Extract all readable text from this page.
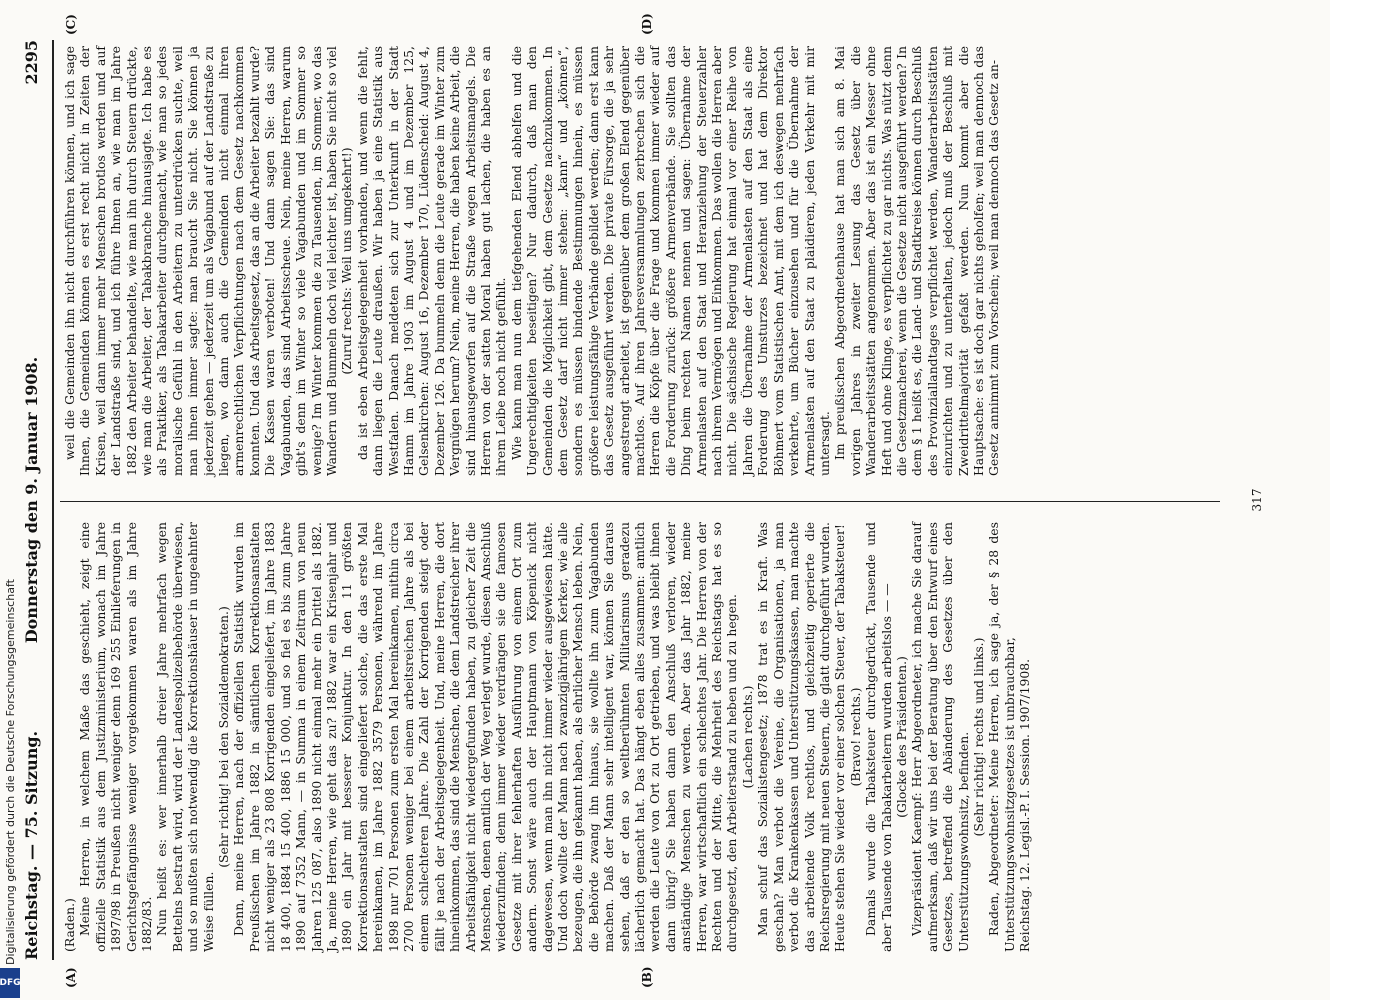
Reichstag. — 75. Sitzung.
Donnerstag den 9. Januar 1908.
2295
(A)	(B)
(C)	(D)

(Raden.) Meine Herren, in welchem Maße das geschieht, zeigt eine offizielle Statistik aus dem Justizministerium, wonach im Jahre 1897/98 in Preußen nicht weniger denn 169 255 Einlieferungen in Gerichtsgefängnisse weniger vorgekommen waren als im Jahre 1882/83. Nun heißt es: wer innerhalb dreier Jahre mehrfach wegen Bettelns bestraft wird, wird der Landespolizeibehörde überwiesen, und so mußten sich notwendig die Korrektionshäuser in ungeahnter Weise füllen.

(Sehr richtig! bei den Sozialdemokraten.) Denn, meine Herren, nach der offiziellen Statistik wurden im Preußischen im Jahre 1882 in sämtlichen Korrektionsanstalten nicht weniger als 23 808 Korrigenden eingeliefert, im Jahre 1883 18 400, 1884 15 400, 1886 15 000, und so fiel es bis zum Jahre 1890 auf 7352 Mann, — in Summa in einem Zeitraum von neun Jahren 125 087, also 1890 nicht einmal mehr ein Drittel als 1882. Ja, meine Herren, wie geht das zu? 1882 war ein Krisenjahr und 1890 ein Jahr mit besserer Konjunktur. In den 11 größten Korrektionsanstalten sind eingeliefert solche, die das erste Mal hereinkamen, im Jahre 1882 3579 Personen, während im Jahre 1898 nur 701 Personen zum ersten Mal hereinkamen, mithin circa 2700 Personen weniger bei einem arbeitsreichen Jahre als bei einem schlechteren Jahre. Die Zahl der Korrigenden steigt oder fällt je nach der Arbeitsgelegenheit. Und, meine Herren, die dort hineinkommen, das sind die Menschen, die dem Landstreicher ihrer Arbeitsfähigkeit nicht wiedergefunden haben, zu gleicher Zeit die Menschen, denen amtlich der Weg verlegt wurde, diesen Anschluß wiederzufinden; denn immer wieder verdrängen sie die famosen Gesetze mit ihrer fehlerhaften Ausführung von einem Ort zum andern. Sonst wäre auch der Hauptmann von Köpenick nicht dagewesen, wenn man ihn nicht immer wieder ausgewiesen hätte. Und doch wollte der Mann nach zwanzigjährigem Kerker, wie alle bezeugen, die ihn gekannt haben, als ehrlicher Mensch leben. Nein, die Behörde zwang ihn hinaus, sie wollte ihn zum Vagabunden machen. Daß der Mann sehr intelligent war, können Sie daraus sehen, daß er den so weltberühmten Militarismus geradezu lächerlich gemacht hat. Das hängt eben alles zusammen: amtlich werden die Leute von Ort zu Ort getrieben, und was bleibt ihnen dann übrig? Sie haben dann den Anschluß verloren, wieder anständige Menschen zu werden. Aber das Jahr 1882, meine Herren, war wirtschaftlich ein schlechtes Jahr. Die Herren von der Rechten und der Mitte, die Mehrheit des Reichstags hat es so durchgesetzt, den Arbeiterstand zu heben und zu hegen. (Lachen rechts.) Man schuf das Sozialistengesetz; 1878 trat es in Kraft. Was geschah? Man verbot die Vereine, die Organisationen, ja man verbot die Krankenkassen und Unterstützungskassen, man machte das arbeitende Volk rechtlos, und gleichzeitig operierte die Reichsregierung mit neuen Steuern, die glatt durchgeführt wurden. Heute stehen Sie wieder vor einer solchen Steuer, der Tabaksteuer! (Bravo! rechts.) Damals wurde die Tabaksteuer durchgedrückt, Tausende und aber Tausende von Tabakarbeitern wurden arbeitslos — — (Glocke des Präsidenten.) Vizepräsident Kaempf: Herr Abgeordneter, ich mache Sie darauf aufmerksam, daß wir uns bei der Beratung über den Entwurf eines Gesetzes, betreffend die Abänderung des Gesetzes über den Unterstützungswohnsitz, befinden. (Sehr richtig! rechts und links.) Raden, Abgeordneter: Meine Herren, ich sage ja, der § 28 des Unterstützungswohnsitzgesetzes ist unbrauchbar, Reichstag. 12. Legisl.-P. I. Session. 1907/1908.

weil die Gemeinden ihn nicht durchführen können, und ich sage Ihnen, die Gemeinden können es erst recht nicht in Zeiten der Krisen, weil dann immer mehr Menschen brotlos werden und auf der Landstraße sind, und ich führe Ihnen an, wie man im Jahre 1882 den Arbeiter behandelte, wie man ihn durch Steuern drückte, wie man die Arbeiter, der Tabakbranche hinausjagte. Ich habe es als Praktiker, als Tabakarbeiter durchgemacht, wie man so jedes moralische Gefühl in den Arbeitern zu unterdrücken suchte, weil man ihnen immer sagte: man braucht Sie nicht. Sie können ja jederzeit gehen — jederzeit um als Vagabund auf der Landstraße zu liegen, wo dann auch die Gemeinden nicht einmal ihren armenrechtlichen Verpflichtungen nach dem Gesetz nachkommen konnten. Und das Arbeitsgesetz, das an die Arbeiter bezahlt wurde? Die Kassen waren verboten! Und dann sagen Sie: das sind Vagabunden, das sind Arbeitsscheue. Nein, meine Herren, warum gibt's denn im Winter so viele Vagabunden und im Sommer so wenige? Im Winter kommen die zu Tausenden, im Sommer, wo das Wandern und Bummeln doch viel leichter ist, haben Sie nicht so viel (Zuruf rechts: Weil uns umgekehrt!) da ist eben Arbeitsgelegenheit vorhanden, und wenn die fehlt, dann liegen die Leute draußen. Wir haben ja eine Statistik aus Westfalen. Danach meldeten sich zur Unterkunft in der Stadt Hamm im Jahre 1903 im August 4 und im Dezember 125, Gelsenkirchen: August 16, Dezember 170, Lüdenscheid: August 4, Dezember 126. Da bummeln denn die Leute gerade im Winter zum Vergnügen herum? Nein, meine Herren, die haben keine Arbeit, die sind hinausgeworfen auf die Straße wegen Arbeitsmangels. Die Herren von der satten Moral haben gut lachen, die haben es an ihrem Leibe noch nicht gefühlt. Wie kann man nun dem tiefgehenden Elend abhelfen und die Ungerechtigkeiten beseitigen? Nur dadurch, daß man den Gemeinden die Möglichkeit gibt, dem Gesetze nachzukommen. In dem Gesetz darf nicht immer stehen: „kann“ und „können“, sondern es müssen bindende Bestimmungen hinein, es müssen größere leistungsfähige Verbände gebildet werden; dann erst kann das Gesetz ausgeführt werden. Die private Fürsorge, die ja sehr angestrengt arbeitet, ist gegenüber dem großen Elend gegenüber machtlos. Auf ihren Jahresversammlungen zerbrechen sich die Herren die Köpfe über die Frage und kommen immer wieder auf die Forderung zurück: größere Armenverbände. Sie sollten das Ding beim rechten Namen nennen und sagen: Übernahme der Armenlasten auf den Staat und Heranziehung der Steuerzahler nach ihrem Vermögen und Einkommen. Das wollen die Herren aber nicht. Die sächsische Regierung hat einmal vor einer Reihe von Jahren die Übernahme der Armenlasten auf den Staat als eine Forderung des Umsturzes bezeichnet und hat dem Direktor Böhmert vom Statistischen Amt, mit dem ich deswegen mehrfach verkehrte, um Bücher einzusehen und für die Übernahme der Armenlasten auf den Staat zu plaidieren, jeden Verkehr mit mir untersagt. Im preußischen Abgeordnetenhause hat man sich am 8. Mai vorigen Jahres in zweiter Lesung das Gesetz über die Wanderarbeitsstätten angenommen. Aber das ist ein Messer ohne Heft und ohne Klinge, es verpflichtet zu gar nichts. Was nützt denn die Gesetzmacherei, wenn die Gesetze nicht ausgeführt werden? In dem § 1 heißt es, die Land- und Stadtkreise können durch Beschluß des Provinziallandtages verpflichtet werden, Wanderarbeitsstätten einzurichten und zu unterhalten, jedoch muß der Beschluß mit Zweidrittelmajorität gefaßt werden. Nun kommt aber die Hauptsache: es ist doch gar nichts geholfen; weil man dennoch das Gesetz annimmt zum Vorschein; weil man dennoch das Gesetz an-

317
Digitalisierung gefördert durch die Deutsche Forschungsgemeinschaft
DFG
